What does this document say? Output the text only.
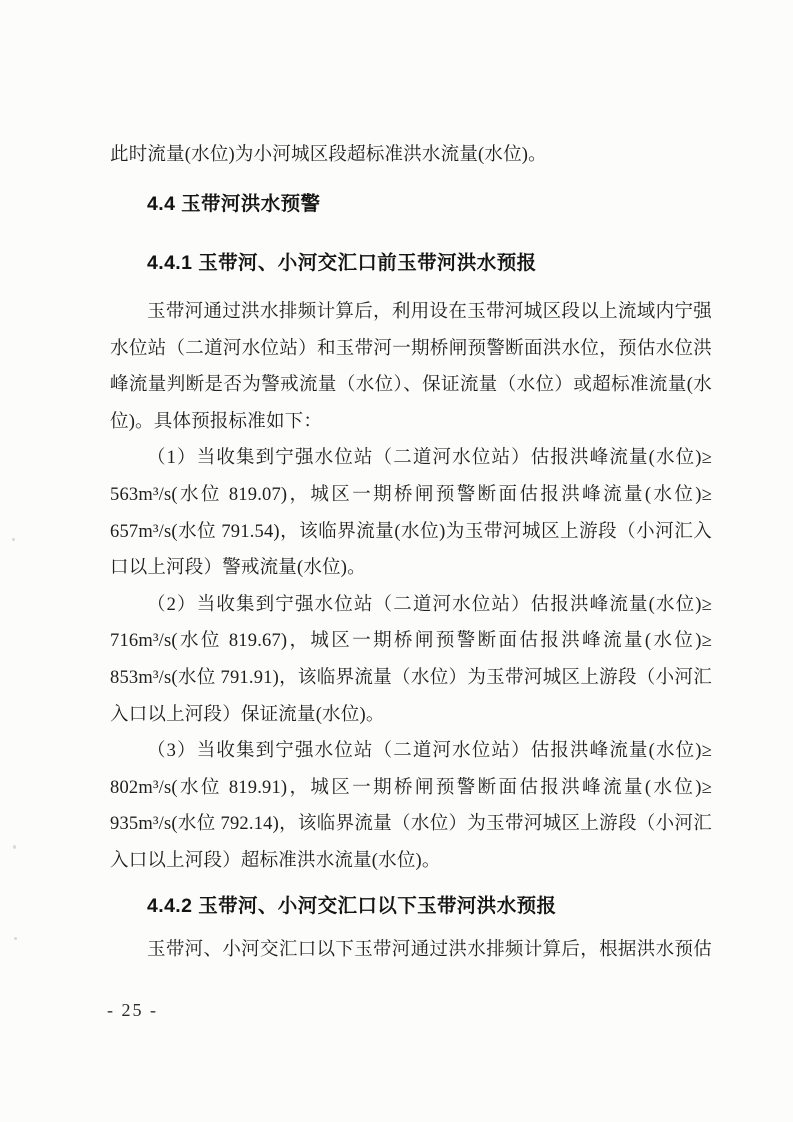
此时流量(水位)为小河城区段超标准洪水流量(水位)。
4.4 玉带河洪水预警
4.4.1 玉带河、小河交汇口前玉带河洪水预报
玉带河通过洪水排频计算后，利用设在玉带河城区段以上流域内宁强
水位站（二道河水位站）和玉带河一期桥闸预警断面洪水位，预估水位洪
峰流量判断是否为警戒流量（水位）、保证流量（水位）或超标准流量(水
位)。具体预报标准如下：
（1）当收集到宁强水位站（二道河水位站）估报洪峰流量(水位)≥
563m³/s(水位 819.07)，城区一期桥闸预警断面估报洪峰流量(水位)≥
657m³/s(水位 791.54)，该临界流量(水位)为玉带河城区上游段（小河汇入
口以上河段）警戒流量(水位)。
（2）当收集到宁强水位站（二道河水位站）估报洪峰流量(水位)≥
716m³/s(水位 819.67)，城区一期桥闸预警断面估报洪峰流量(水位)≥
853m³/s(水位 791.91)，该临界流量（水位）为玉带河城区上游段（小河汇
入口以上河段）保证流量(水位)。
（3）当收集到宁强水位站（二道河水位站）估报洪峰流量(水位)≥
802m³/s(水位 819.91)，城区一期桥闸预警断面估报洪峰流量(水位)≥
935m³/s(水位 792.14)，该临界流量（水位）为玉带河城区上游段（小河汇
入口以上河段）超标准洪水流量(水位)。
4.4.2 玉带河、小河交汇口以下玉带河洪水预报
玉带河、小河交汇口以下玉带河通过洪水排频计算后，根据洪水预估
- 25 -
